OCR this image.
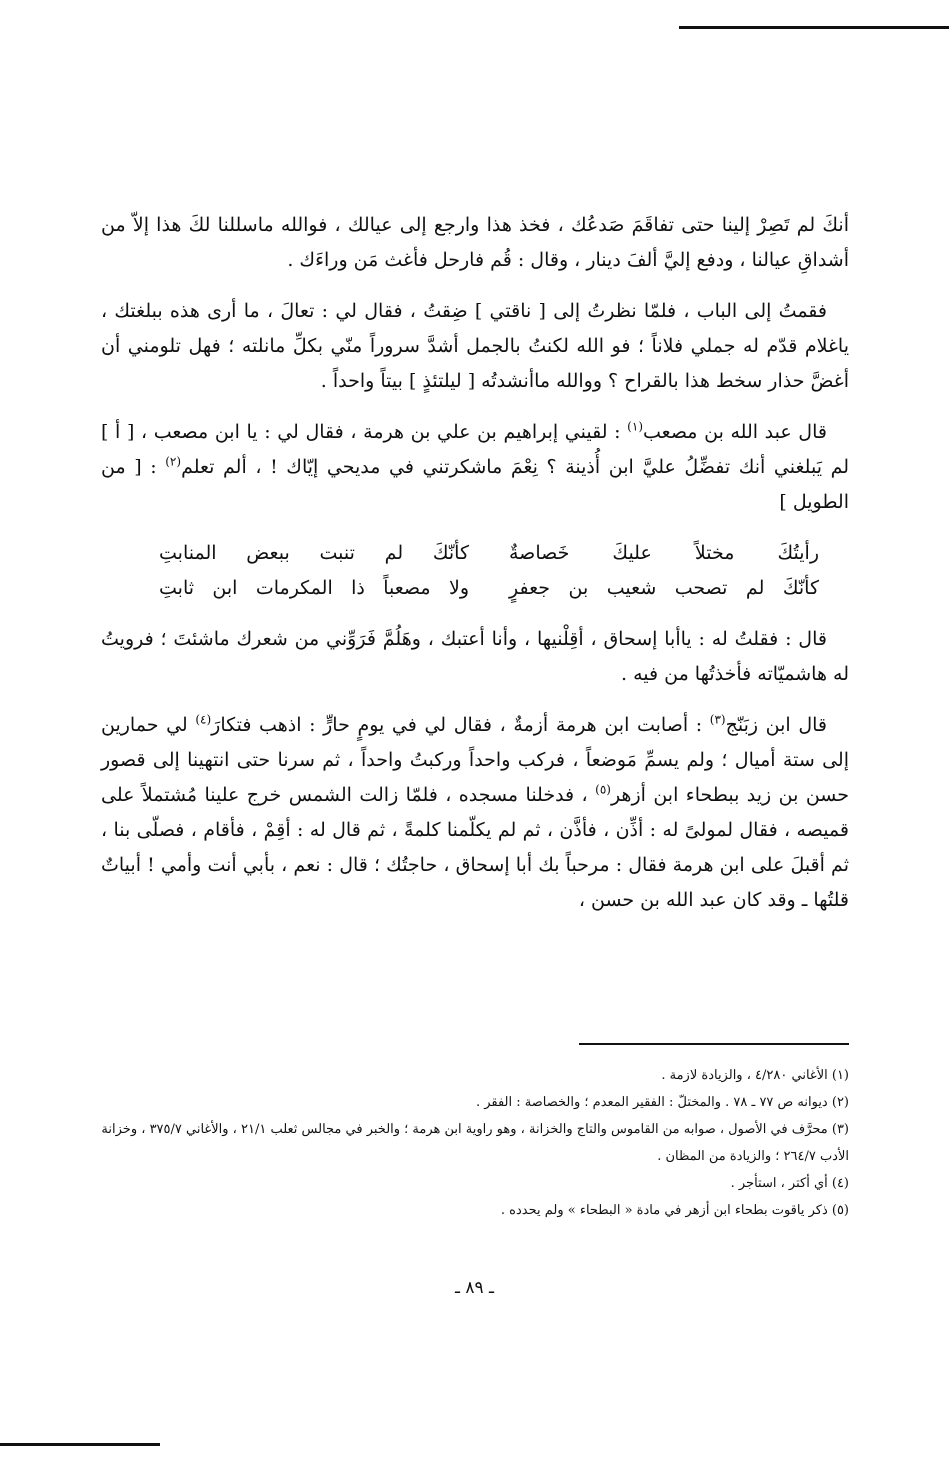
أنكَ لم تَصِرْ إلينا حتى تفاقَمَ صَدعُك ، فخذ هذا وارجع إلى عيالك ، فوالله ماسللنا لكَ هذا إلاّ من أشداقِ عيالنا ، ودفع إليَّ ألفَ دينار ، وقال : قُم فارحل فأغث مَن وراءَك .

فقمتُ إلى الباب ، فلمّا نظرتُ إلى [ ناقتي ] ضِقتُ ، فقال لي : تعالَ ، ما أرى هذه ببلغتك ، ياغلام قدّم له جملي فلاناً ؛ فو الله لكنتُ بالجمل أشدَّ سروراً منّي بكلِّ مانلته ؛ فهل تلومني أن أغضَّ حذار سخط هذا بالقراح ؟ ووالله ماأنشدتُه [ ليلتئذٍ ] بيتاً واحداً .

قال عبد الله بن مصعب$^{(١)}$ : لقيني إبراهيم بن علي بن هرمة ، فقال لي : يا ابن مصعب ، [ أ ] لم يَبلغني أنك تفضِّلُ عليَّ ابن أُذينة ؟ نِعْمَ ماشكرتني في مديحي إيّاك ! ، ألم تعلم$^{(٢)}$ : [ من الطويل ]

رأيتُكَ مختلاً عليكَ خَصاصةٌ
كأنّكَ لم تنبت ببعض المنابتِ
كأنّكَ لم تصحب شعيب بن جعفرٍ
ولا مصعباً ذا المكرمات ابن ثابتِ

قال : فقلتُ له : ياأبا إسحاق ، أقِلْنيها ، وأنا أعتبك ، وهَلُمَّ فَرَوِّني من شعرك ماشئتَ ؛ فرويتُ له هاشميّاته فأخذتُها من فيه .

قال ابن زبَنّج$^{(٣)}$ : أصابت ابن هرمة أزمةٌ ، فقال لي في يومٍ حارٍّ : اذهب فتكارَ$^{(٤)}$ لي حمارين إلى ستة أميال ؛ ولم يسمِّ مَوضعاً ، فركب واحداً وركبتُ واحداً ، ثم سرنا حتى انتهينا إلى قصور حسن بن زيد ببطحاء ابن أزهر$^{(٥)}$ ، فدخلنا مسجده ، فلمّا زالت الشمس خرج علينا مُشتملاً على قميصه ، فقال لمولىً له : أذِّن ، فأذَّن ، ثم لم يكلّمنا كلمةً ، ثم قال له : أقِمْ ، فأقام ، فصلّى بنا ، ثم أقبلَ على ابن هرمة فقال : مرحباً بك أبا إسحاق ، حاجتُك ؛ قال : نعم ، بأبي أنت وأمي ! أبياتٌ قلتُها ـ وقد كان عبد الله بن حسن ،

(١) الأغاني ٤/٢٨٠ ، والزيادة لازمة .

(٢) ديوانه ص ٧٧ ـ ٧٨ . والمختلّ : الفقير المعدم ؛ والخصاصة : الفقر .

(٣) محرَّف في الأصول ، صوابه من القاموس والتاج والخزانة ، وهو راوية ابن هرمة ؛ والخبر في مجالس ثعلب ٢١/١ ، والأغاني ٣٧٥/٧ ، وخزانة الأدب ٢٦٤/٧ ؛ والزيادة من المظان .

(٤) أي أكتر ، استأجر .

(٥) ذكر ياقوت بطحاء ابن أزهر في مادة « البطحاء » ولم يحدده .

ـ ٨٩ ـ
